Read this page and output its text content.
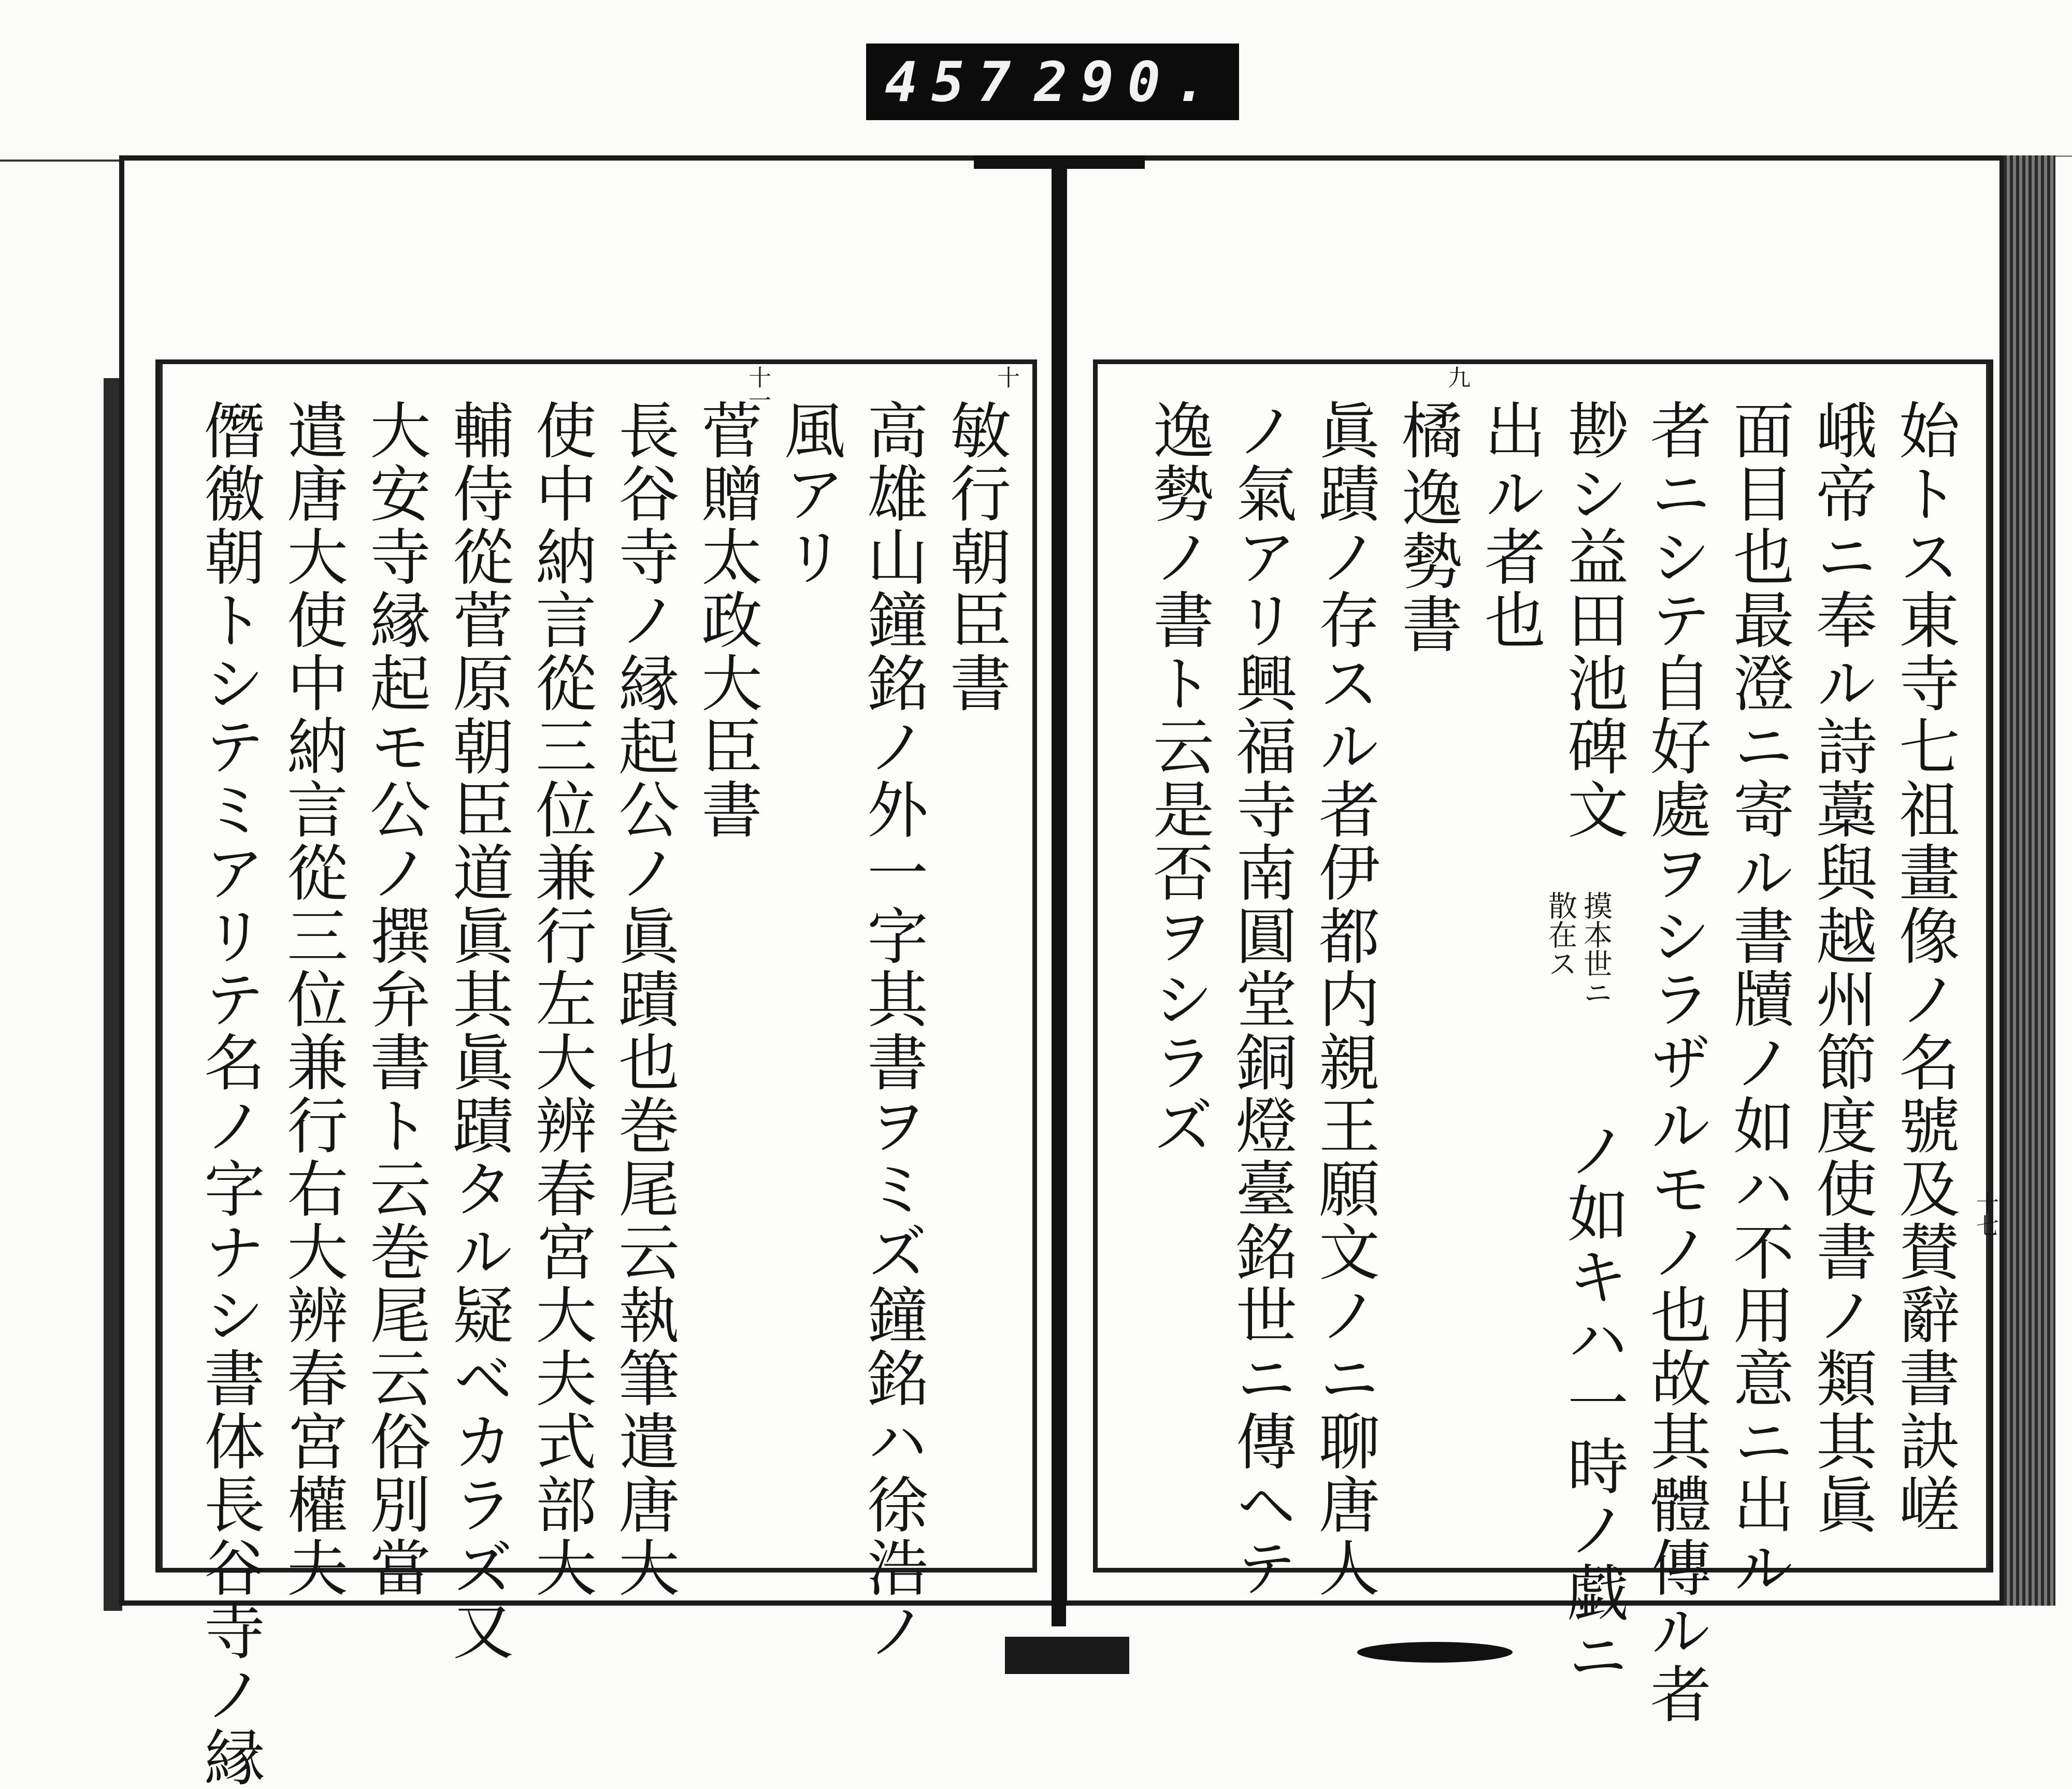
457 290.
始トス東寺七祖畫像ノ名號及賛辭書訣嵯
峨帝ニ奉ル詩藁與越州節度使書ノ類其眞
面目也最澄ニ寄ル書牘ノ如ハ不用意ニ出ル
者ニシテ自好處ヲシラザルモノ也故其體傳ル者
尠シ益田池碑文
摸本世ニ
散在ス
ノ如キハ一時ノ戯ニ
出ル者也
九
橘
逸勢書
眞蹟ノ存スル者伊都内親王願文ノニ聊唐人
ノ氣アリ興福寺南圓堂銅燈臺銘世ニ傳ヘテ
逸勢ノ書ト云是否ヲシラズ
十七
十
敏行朝臣書
高雄山鐘銘ノ外一字其書ヲミズ鐘銘ハ徐浩ノ
風アリ
十一
菅贈太政大臣書
長谷寺ノ縁起公ノ眞蹟也巻尾云執筆遣唐大
使中納言從三位兼行左大辨春宮大夫式部大
輔侍從菅原朝臣道眞其眞蹟タル疑ベカラズ又
大安寺縁起モ公ノ撰弁書ト云巻尾云俗別當
遣唐大使中納言從三位兼行右大辨春宮權夫
僭徼朝トシテミアリテ名ノ字ナシ書体長谷寺ノ縁
